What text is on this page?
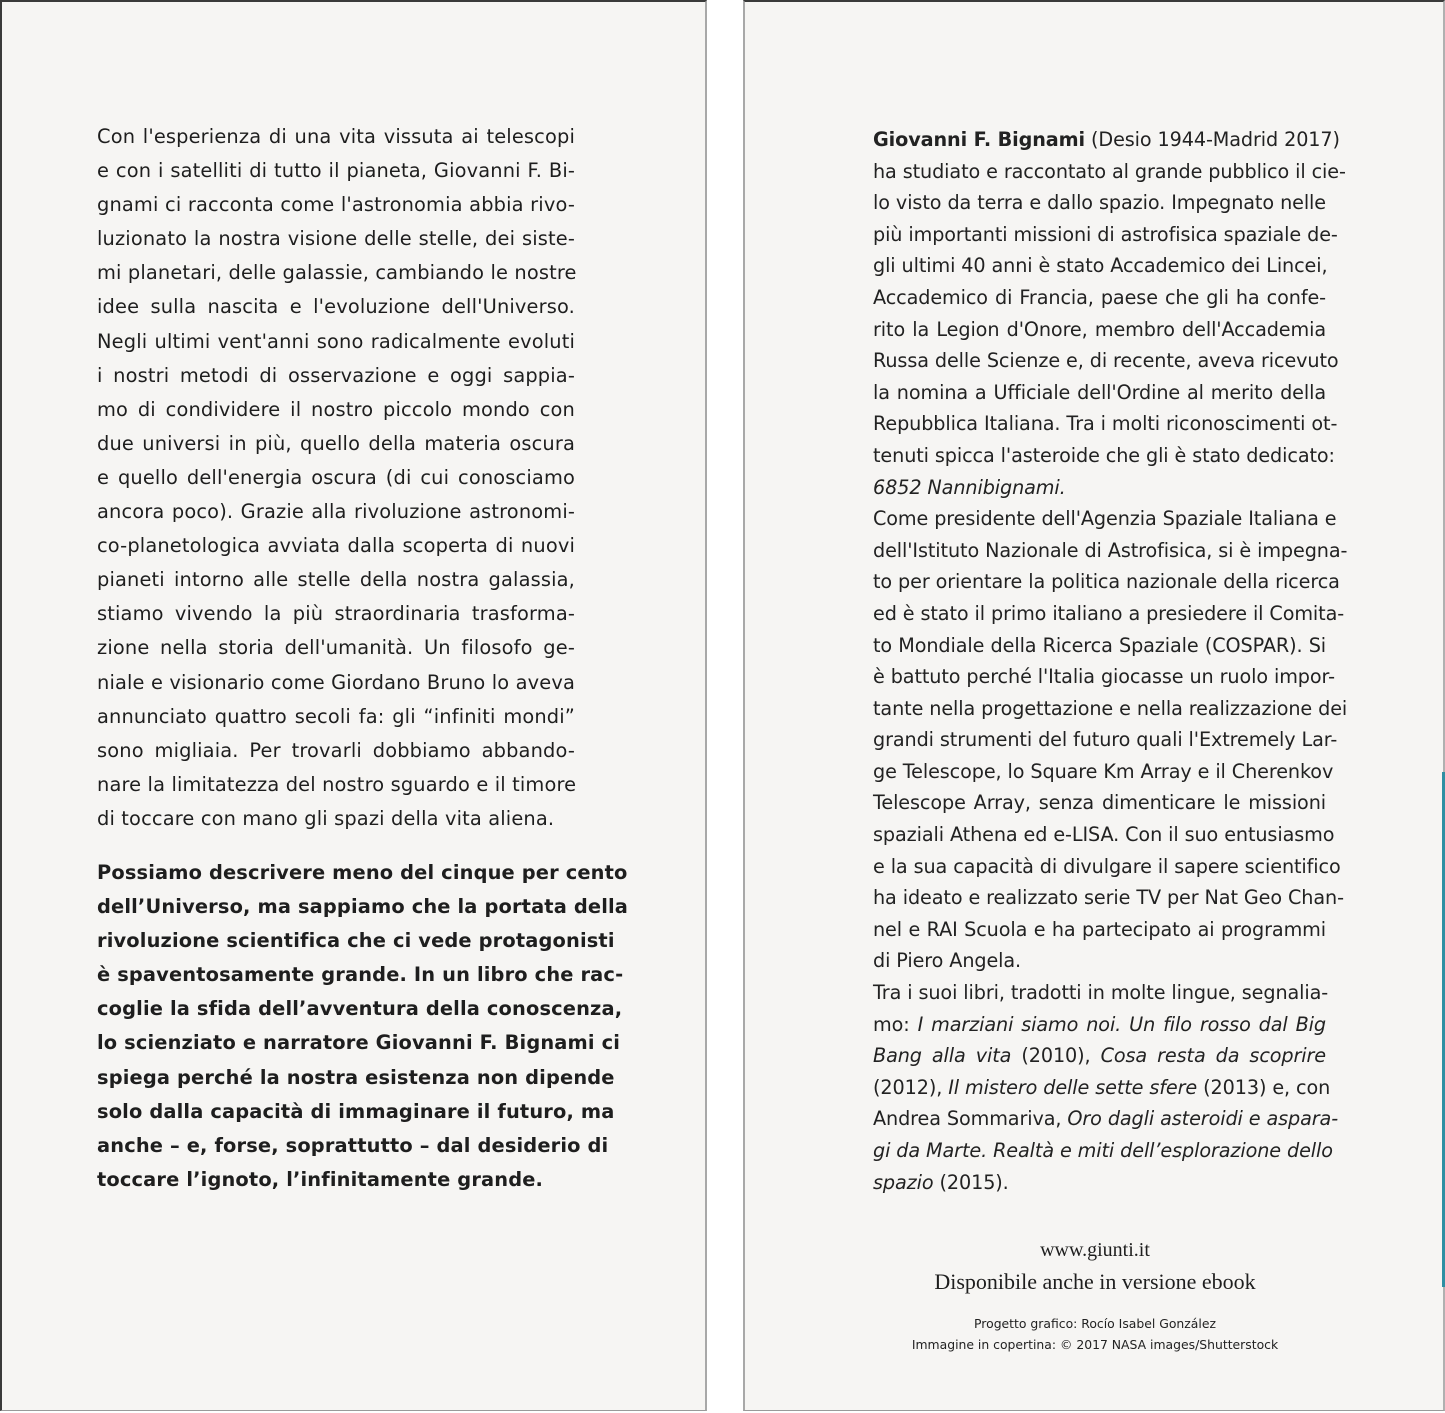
Con l'esperienza di una vita vissuta ai telescopi
e con i satelliti di tutto il pianeta, Giovanni F. Bi-
gnami ci racconta come l'astronomia abbia rivo-
luzionato la nostra visione delle stelle, dei siste-
mi planetari, delle galassie, cambiando le nostre
idee sulla nascita e l'evoluzione dell'Universo.
Negli ultimi vent'anni sono radicalmente evoluti
i nostri metodi di osservazione e oggi sappia-
mo di condividere il nostro piccolo mondo con
due universi in più, quello della materia oscura
e quello dell'energia oscura (di cui conosciamo
ancora poco). Grazie alla rivoluzione astronomi-
co-planetologica avviata dalla scoperta di nuovi
pianeti intorno alle stelle della nostra galassia,
stiamo vivendo la più straordinaria trasforma-
zione nella storia dell'umanità. Un filosofo ge-
niale e visionario come Giordano Bruno lo aveva
annunciato quattro secoli fa: gli “infiniti mondi”
sono migliaia. Per trovarli dobbiamo abbando-
nare la limitatezza del nostro sguardo e il timore
di toccare con mano gli spazi della vita aliena.

Possiamo descrivere meno del cinque per cento
dell’Universo, ma sappiamo che la portata della
rivoluzione scientifica che ci vede protagonisti
è spaventosamente grande. In un libro che rac-
coglie la sfida dell’avventura della conoscenza,
lo scienziato e narratore Giovanni F. Bignami ci
spiega perché la nostra esistenza non dipende
solo dalla capacità di immaginare il futuro, ma
anche – e, forse, soprattutto – dal desiderio di
toccare l’ignoto, l’infinitamente grande.

Giovanni F. Bignami (Desio 1944-Madrid 2017)
ha studiato e raccontato al grande pubblico il cie-
lo visto da terra e dallo spazio. Impegnato nelle
più importanti missioni di astrofisica spaziale de-
gli ultimi 40 anni è stato Accademico dei Lincei,
Accademico di Francia, paese che gli ha confe-
rito la Legion d'Onore, membro dell'Accademia
Russa delle Scienze e, di recente, aveva ricevuto
la nomina a Ufficiale dell'Ordine al merito della
Repubblica Italiana. Tra i molti riconoscimenti ot-
tenuti spicca l'asteroide che gli è stato dedicato:
6852 Nannibignami.
Come presidente dell'Agenzia Spaziale Italiana e
dell'Istituto Nazionale di Astrofisica, si è impegna-
to per orientare la politica nazionale della ricerca
ed è stato il primo italiano a presiedere il Comita-
to Mondiale della Ricerca Spaziale (COSPAR). Si
è battuto perché l'Italia giocasse un ruolo impor-
tante nella progettazione e nella realizzazione dei
grandi strumenti del futuro quali l'Extremely Lar-
ge Telescope, lo Square Km Array e il Cherenkov
Telescope Array, senza dimenticare le missioni
spaziali Athena ed e-LISA. Con il suo entusiasmo
e la sua capacità di divulgare il sapere scientifico
ha ideato e realizzato serie TV per Nat Geo Chan-
nel e RAI Scuola e ha partecipato ai programmi
di Piero Angela.
Tra i suoi libri, tradotti in molte lingue, segnalia-
mo: I marziani siamo noi. Un filo rosso dal Big
Bang alla vita (2010), Cosa resta da scoprire
(2012), Il mistero delle sette sfere (2013) e, con
Andrea Sommariva, Oro dagli asteroidi e aspara-
gi da Marte. Realtà e miti dell’esplorazione dello
spazio (2015).
www.giunti.it
Disponibile anche in versione ebook
Progetto grafico: Rocío Isabel González
Immagine in copertina: © 2017 NASA images/Shutterstock
